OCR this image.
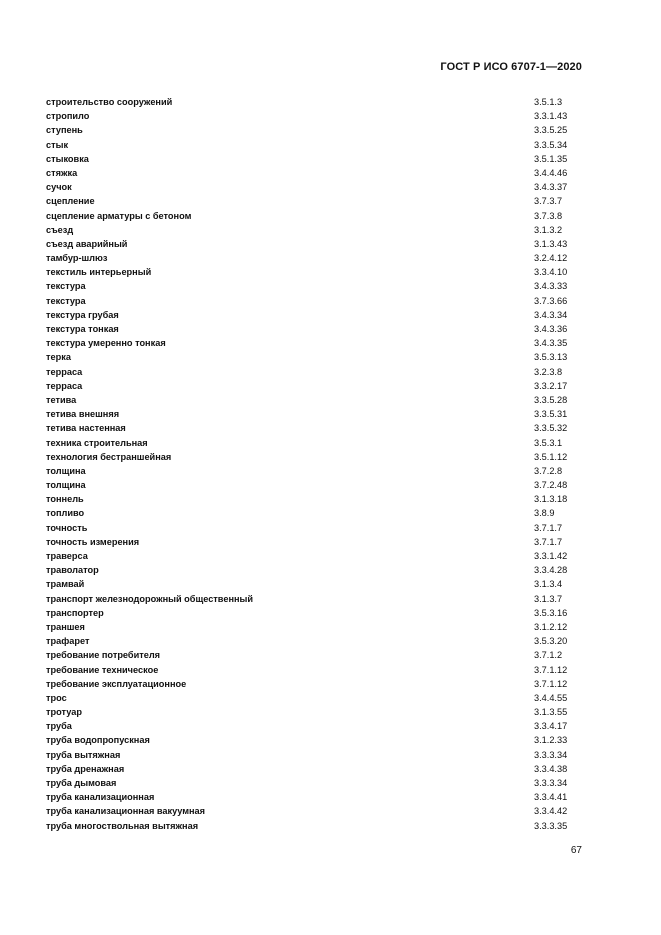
ГОСТ Р ИСО 6707-1—2020
строительство сооружений	3.5.1.3
стропило	3.3.1.43
ступень	3.3.5.25
стык	3.3.5.34
стыковка	3.5.1.35
стяжка	3.4.4.46
сучок	3.4.3.37
сцепление	3.7.3.7
сцепление арматуры с бетоном	3.7.3.8
съезд	3.1.3.2
съезд аварийный	3.1.3.43
тамбур-шлюз	3.2.4.12
текстиль интерьерный	3.3.4.10
текстура	3.4.3.33
текстура	3.7.3.66
текстура грубая	3.4.3.34
текстура тонкая	3.4.3.36
текстура умеренно тонкая	3.4.3.35
терка	3.5.3.13
терраса	3.2.3.8
терраса	3.3.2.17
тетива	3.3.5.28
тетива внешняя	3.3.5.31
тетива настенная	3.3.5.32
техника строительная	3.5.3.1
технология бестраншейная	3.5.1.12
толщина	3.7.2.8
толщина	3.7.2.48
тоннель	3.1.3.18
топливо	3.8.9
точность	3.7.1.7
точность измерения	3.7.1.7
траверса	3.3.1.42
траволатор	3.3.4.28
трамвай	3.1.3.4
транспорт железнодорожный общественный	3.1.3.7
транспортер	3.5.3.16
траншея	3.1.2.12
трафарет	3.5.3.20
требование потребителя	3.7.1.2
требование техническое	3.7.1.12
требование эксплуатационное	3.7.1.12
трос	3.4.4.55
тротуар	3.1.3.55
труба	3.3.4.17
труба водопропускная	3.1.2.33
труба вытяжная	3.3.3.34
труба дренажная	3.3.4.38
труба дымовая	3.3.3.34
труба канализационная	3.3.4.41
труба канализационная вакуумная	3.3.4.42
труба многоствольная вытяжная	3.3.3.35
67
